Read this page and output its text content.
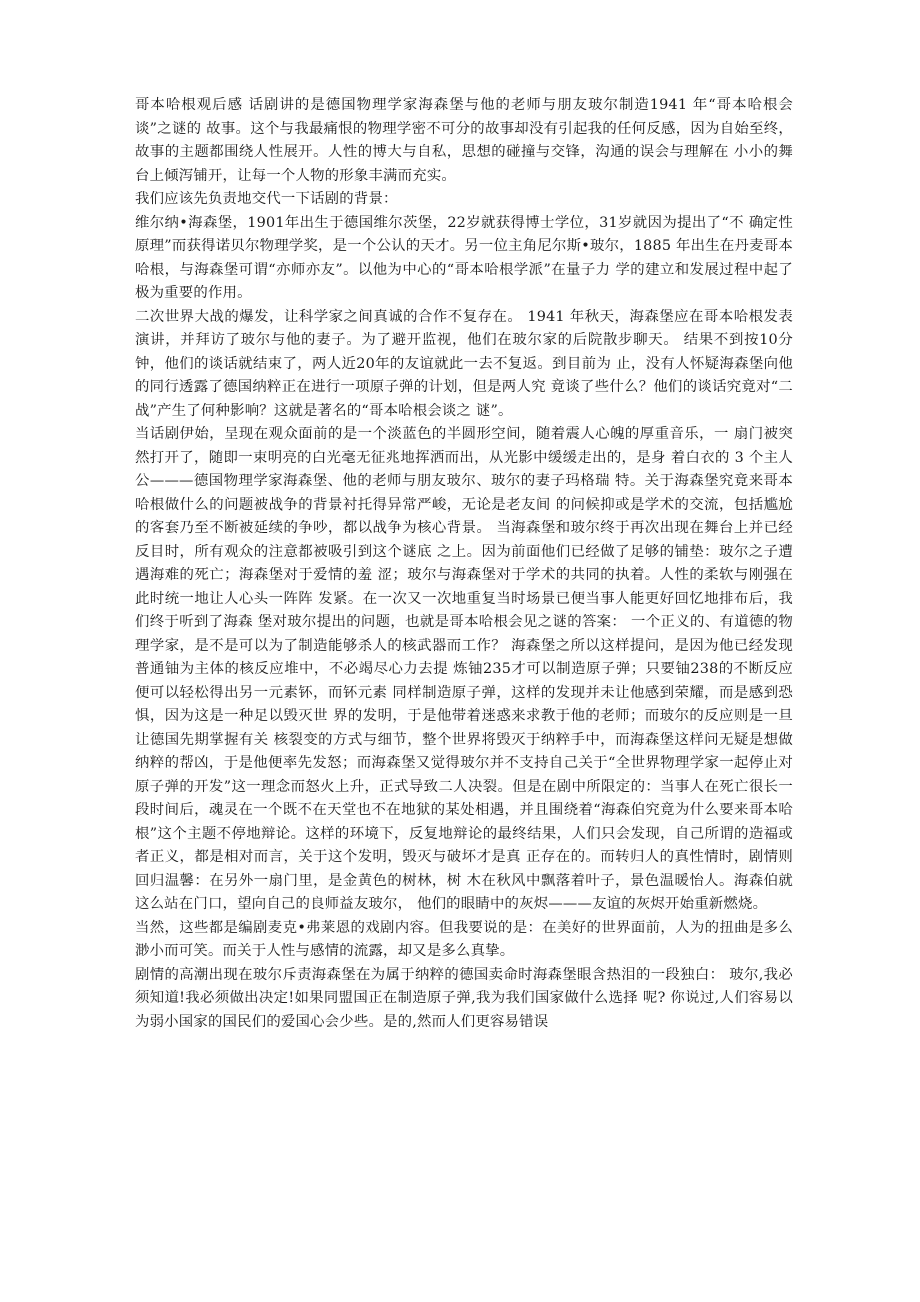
哥本哈根观后感 话剧讲的是德国物理学家海森堡与他的老师与朋友玻尔制造1941 年“哥本哈根会谈”之谜的 故事。这个与我最痛恨的物理学密不可分的故事却没有引起我的任何反感，因为自始至终， 故事的主题都围绕人性展开。人性的博大与自私，思想的碰撞与交锋，沟通的误会与理解在 小小的舞台上倾泻铺开，让每一个人物的形象丰满而充实。

我们应该先负责地交代一下话剧的背景：

维尔纳•海森堡，1901年出生于德国维尔茨堡，22岁就获得博士学位，31岁就因为提出了“不 确定性原理”而获得诺贝尔物理学奖，是一个公认的天才。另一位主角尼尔斯•玻尔，1885 年出生在丹麦哥本哈根，与海森堡可谓“亦师亦友”。以他为中心的“哥本哈根学派”在量子力 学的建立和发展过程中起了极为重要的作用。

二次世界大战的爆发，让科学家之间真诚的合作不复存在。 1941 年秋天，海森堡应在哥本哈根发表演讲，并拜访了玻尔与他的妻子。为了避开监视，他们在玻尔家的后院散步聊天。 结果不到按10分钟，他们的谈话就结束了，两人近20年的友谊就此一去不复返。到目前为 止，没有人怀疑海森堡向他的同行透露了德国纳粹正在进行一项原子弹的计划，但是两人究 竟谈了些什么？他们的谈话究竟对“二战”产生了何种影响？这就是著名的“哥本哈根会谈之 谜”。

当话剧伊始，呈现在观众面前的是一个淡蓝色的半圆形空间，随着震人心魄的厚重音乐，一 扇门被突然打开了，随即一束明亮的白光毫无征兆地挥洒而出，从光影中缓缓走出的，是身 着白衣的 3 个主人公———德国物理学家海森堡、他的老师与朋友玻尔、玻尔的妻子玛格瑞 特。关于海森堡究竟来哥本哈根做什么的问题被战争的背景衬托得异常严峻，无论是老友间 的问候抑或是学术的交流，包括尴尬的客套乃至不断被延续的争吵，都以战争为核心背景。 当海森堡和玻尔终于再次出现在舞台上并已经反目时，所有观众的注意都被吸引到这个谜底 之上。因为前面他们已经做了足够的铺垫：玻尔之子遭遇海难的死亡；海森堡对于爱情的羞 涩；玻尔与海森堡对于学术的共同的执着。人性的柔软与刚强在此时统一地让人心头一阵阵 发紧。在一次又一次地重复当时场景已便当事人能更好回忆地排布后，我们终于听到了海森 堡对玻尔提出的问题，也就是哥本哈根会见之谜的答案： 一个正义的、有道德的物理学家，是不是可以为了制造能够杀人的核武器而工作？ 海森堡之所以这样提问，是因为他已经发现普通铀为主体的核反应堆中，不必竭尽心力去提 炼铀235才可以制造原子弹；只要铀238的不断反应便可以轻松得出另一元素钚，而钚元素 同样制造原子弹，这样的发现并未让他感到荣耀，而是感到恐惧，因为这是一种足以毁灭世 界的发明，于是他带着迷惑来求教于他的老师；而玻尔的反应则是一旦让德国先期掌握有关 核裂变的方式与细节，整个世界将毁灭于纳粹手中，而海森堡这样问无疑是想做纳粹的帮凶，于是他便率先发怒；而海森堡又觉得玻尔并不支持自己关于“全世界物理学家一起停止对原子弹的开发”这一理念而怒火上升，正式导致二人决裂。但是在剧中所限定的：当事人在死亡很长一段时间后，魂灵在一个既不在天堂也不在地狱的某处相遇，并且围绕着“海森伯究竟为什么要来哥本哈根”这个主题不停地辩论。这样的环境下，反复地辩论的最终结果，人们只会发现，自己所谓的造福或者正义，都是相对而言，关于这个发明，毁灭与破坏才是真 正存在的。而转归人的真性情时，剧情则回归温馨：在另外一扇门里，是金黄色的树林，树 木在秋风中飘落着叶子，景色温暖怡人。海森伯就这么站在门口，望向自己的良师益友玻尔， 他们的眼睛中的灰烬———友谊的灰烬开始重新燃烧。

当然，这些都是编剧麦克•弗莱恩的戏剧内容。但我要说的是：在美好的世界面前，人为的扭曲是多么渺小而可笑。而关于人性与感情的流露，却又是多么真挚。

剧情的高潮出现在玻尔斥责海森堡在为属于纳粹的德国卖命时海森堡眼含热泪的一段独白： 玻尔,我必须知道!我必须做出决定!如果同盟国正在制造原子弹,我为我们国家做什么选择 呢? 你说过,人们容易以为弱小国家的国民们的爱国心会少些。是的,然而人们更容易错误
